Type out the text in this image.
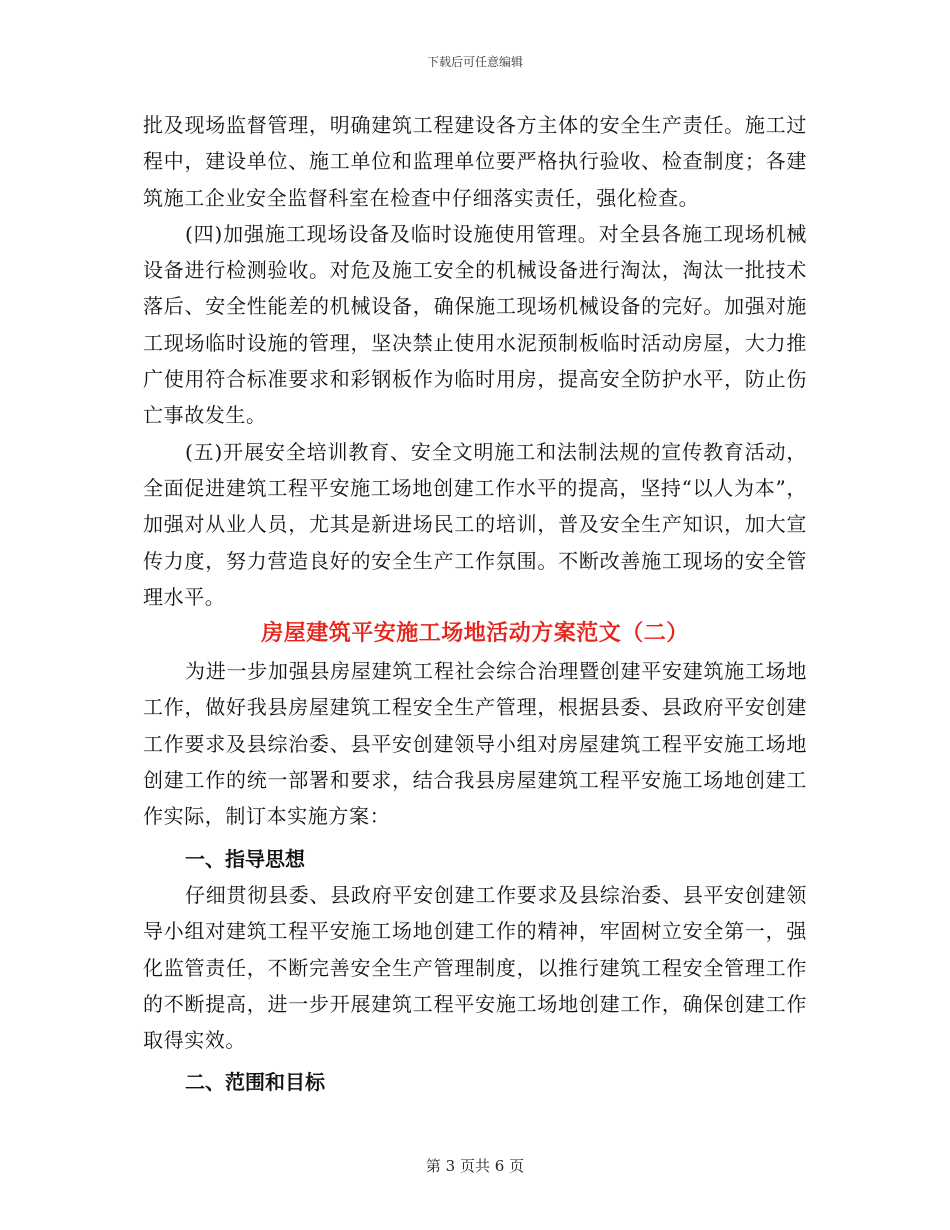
下载后可任意编辑

批及现场监督管理，明确建筑工程建设各方主体的安全生产责任。施工过程中，建设单位、施工单位和监理单位要严格执行验收、检查制度；各建筑施工企业安全监督科室在检查中仔细落实责任，强化检查。

(四)加强施工现场设备及临时设施使用管理。对全县各施工现场机械设备进行检测验收。对危及施工安全的机械设备进行淘汰，淘汰一批技术落后、安全性能差的机械设备，确保施工现场机械设备的完好。加强对施工现场临时设施的管理，坚决禁止使用水泥预制板临时活动房屋，大力推广使用符合标准要求和彩钢板作为临时用房，提高安全防护水平，防止伤亡事故发生。

(五)开展安全培训教育、安全文明施工和法制法规的宣传教育活动，全面促进建筑工程平安施工场地创建工作水平的提高，坚持“以人为本”，加强对从业人员，尤其是新进场民工的培训，普及安全生产知识，加大宣传力度，努力营造良好的安全生产工作氛围。不断改善施工现场的安全管理水平。

房屋建筑平安施工场地活动方案范文（二）

为进一步加强县房屋建筑工程社会综合治理暨创建平安建筑施工场地工作，做好我县房屋建筑工程安全生产管理，根据县委、县政府平安创建工作要求及县综治委、县平安创建领导小组对房屋建筑工程平安施工场地创建工作的统一部署和要求，结合我县房屋建筑工程平安施工场地创建工作实际，制订本实施方案：

一、指导思想

仔细贯彻县委、县政府平安创建工作要求及县综治委、县平安创建领导小组对建筑工程平安施工场地创建工作的精神，牢固树立安全第一，强化监管责任，不断完善安全生产管理制度，以推行建筑工程安全管理工作的不断提高，进一步开展建筑工程平安施工场地创建工作，确保创建工作取得实效。

二、范围和目标
第 3 页共 6 页
